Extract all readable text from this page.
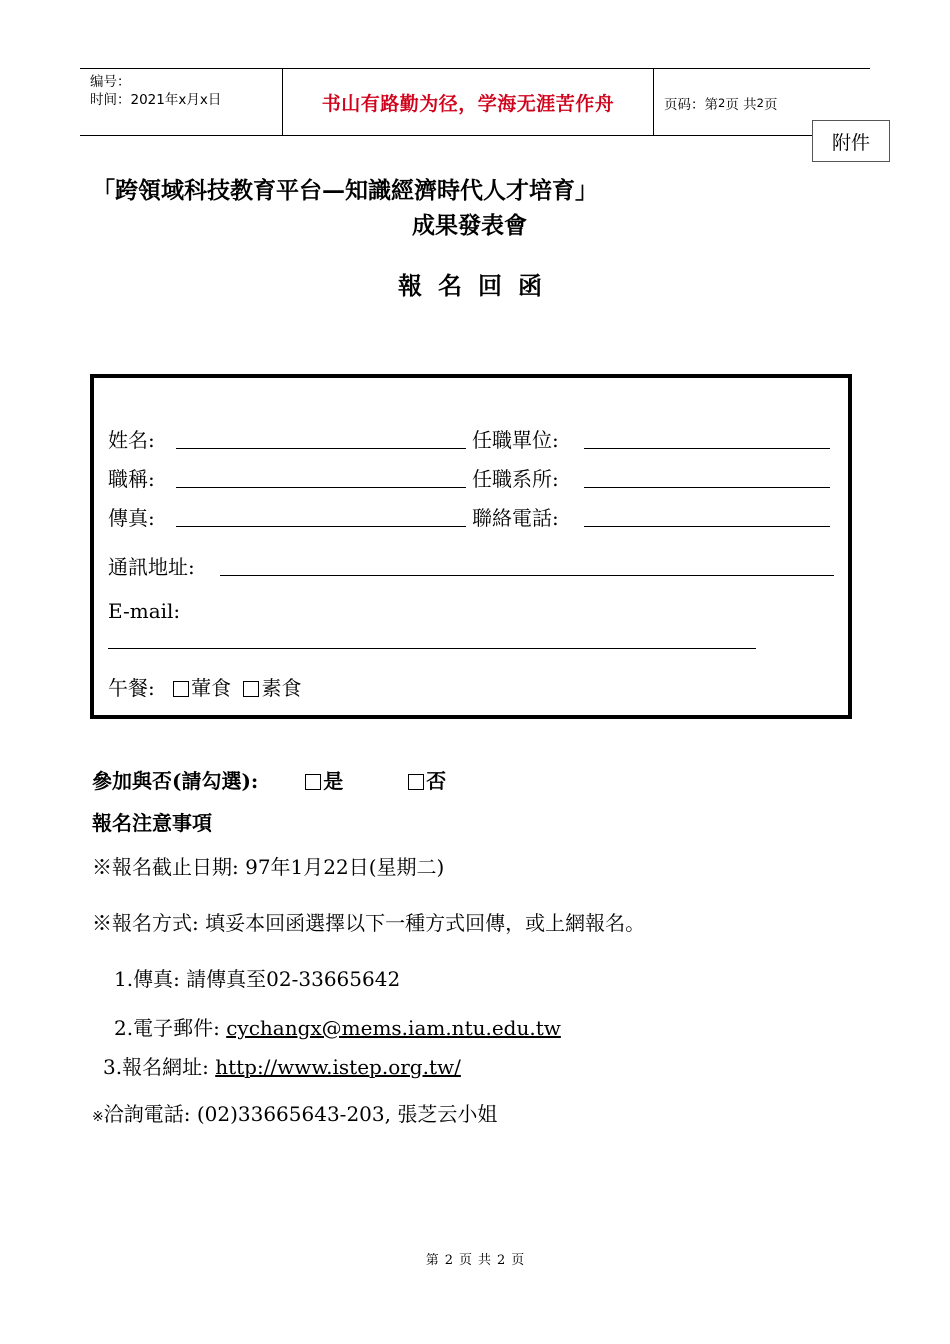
编号：
时间：2021年x月x日	书山有路勤为径，学海无涯苦作舟	页码：第 2 页 共 2 页
附件
「跨領域科技教育平台—知識經濟時代人才培育」
成果發表會
報名回函
姓名:	任職單位:
職稱:	任職系所:
傳真:	聯絡電話:
通訊地址:
E-mail:
午餐: 葷食 素食
參加與否(請勾選):	是	否
報名注意事項
※報名截止日期: 97年1月22日(星期二)
※報名方式: 填妥本回函選擇以下一種方式回傳，或上網報名。
1.傳真: 請傳真至02-33665642
2.電子郵件: cychangx@mems.iam.ntu.edu.tw
3.報名網址: http://www.istep.org.tw/
※洽詢電話: (02)33665643-203, 張芝云小姐
第 2 页 共 2 页
